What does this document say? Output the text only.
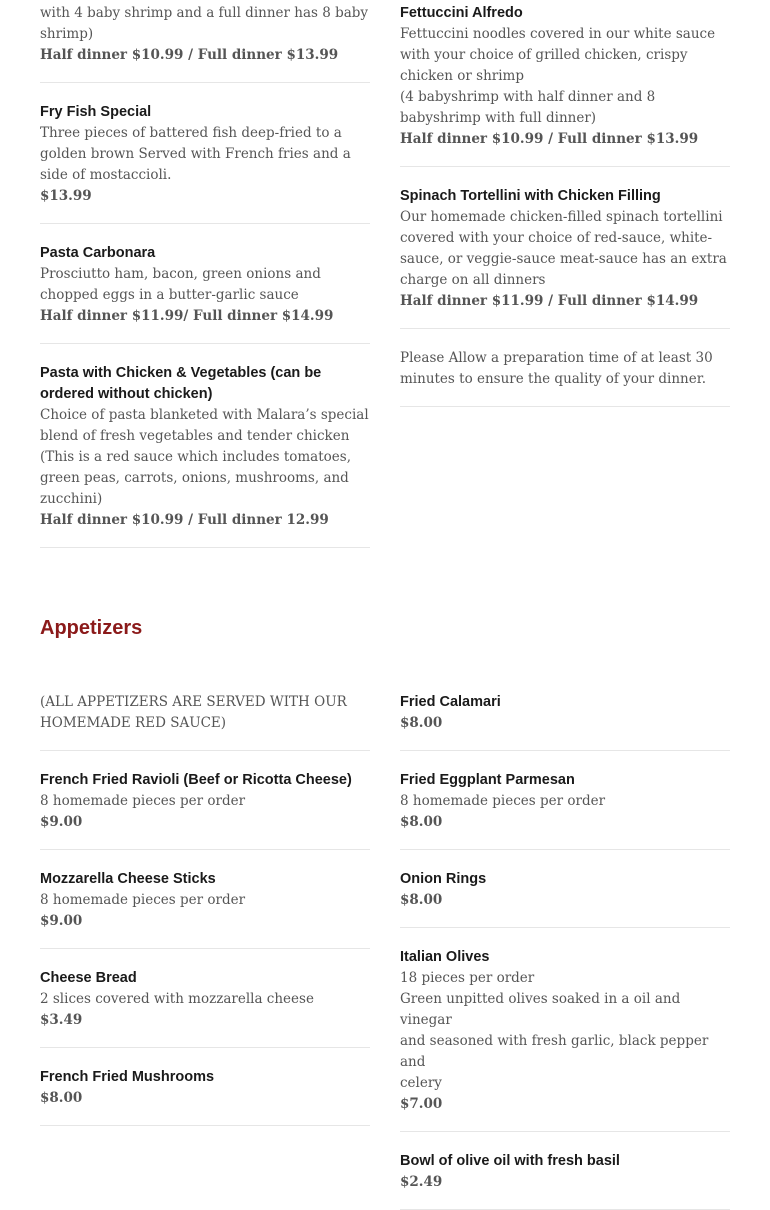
with 4 baby shrimp and a full dinner has 8 baby
shrimp)
Half dinner $10.99 / Full dinner $13.99
Fry Fish Special
Three pieces of battered fish deep-fried to a
golden brown Served with French fries and a
side of mostaccioli.
$13.99
Pasta Carbonara
Prosciutto ham, bacon, green onions and
chopped eggs in a butter-garlic sauce
Half dinner $11.99/ Full dinner $14.99
Pasta with Chicken & Vegetables (can be ordered without chicken)
Choice of pasta blanketed with Malara’s special
blend of fresh vegetables and tender chicken
(This is a red sauce which includes tomatoes,
green peas, carrots, onions, mushrooms, and
zucchini)
Half dinner $10.99 / Full dinner 12.99
Fettuccini Alfredo
Fettuccini noodles covered in our white sauce
with your choice of grilled chicken, crispy
chicken or shrimp
(4 babyshrimp with half dinner and 8
babyshrimp with full dinner)
Half dinner $10.99 / Full dinner $13.99
Spinach Tortellini with Chicken Filling
Our homemade chicken-filled spinach tortellini
covered with your choice of red-sauce, white-
sauce, or veggie-sauce meat-sauce has an extra
charge on all dinners
Half dinner $11.99 / Full dinner $14.99
Please Allow a preparation time of at least 30
minutes to ensure the quality of your dinner.
Appetizers
(ALL APPETIZERS ARE SERVED WITH OUR
HOMEMADE RED SAUCE)
French Fried Ravioli (Beef or Ricotta Cheese)
8 homemade pieces per order
$9.00
Mozzarella Cheese Sticks
8 homemade pieces per order
$9.00
Cheese Bread
2 slices covered with mozzarella cheese
$3.49
French Fried Mushrooms
$8.00
Fried Calamari
$8.00
Fried Eggplant Parmesan
8 homemade pieces per order
$8.00
Onion Rings
$8.00
Italian Olives
18 pieces per order
Green unpitted olives soaked in a oil and vinegar
and seasoned with fresh garlic, black pepper and
celery
$7.00
Bowl of olive oil with fresh basil
$2.49
